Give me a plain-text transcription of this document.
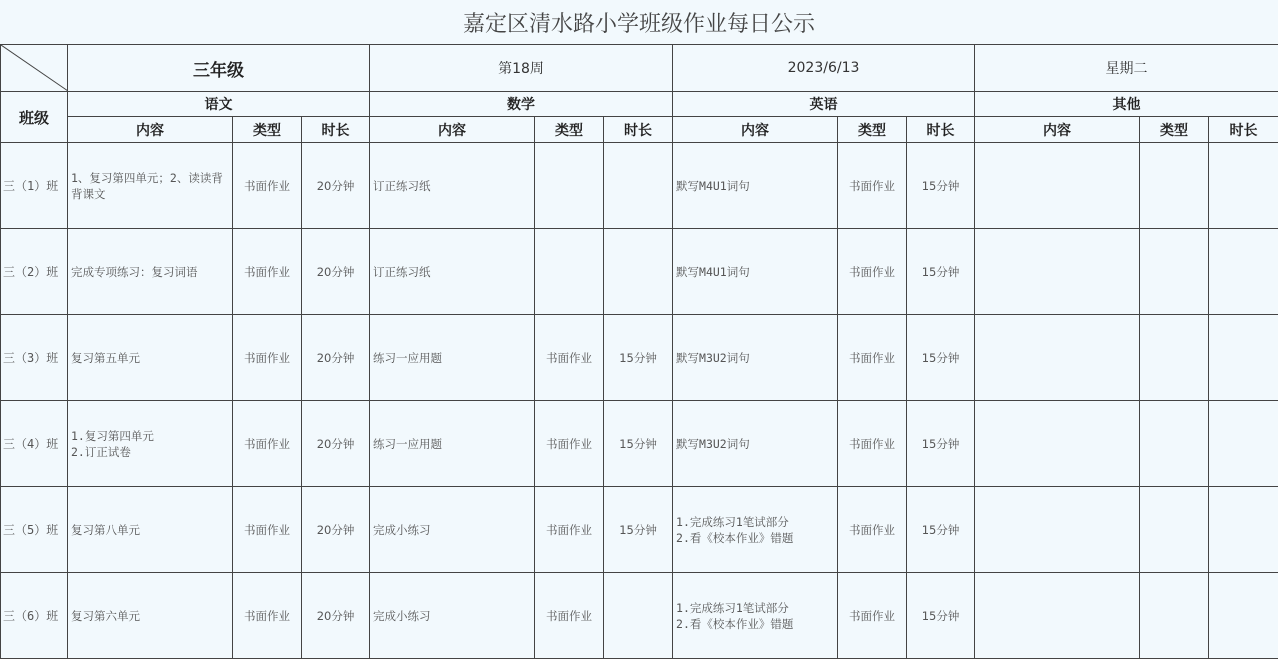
嘉定区清水路小学班级作业每日公示
	三年级			第18周			2023/6/13			星期二		
班级	语文			数学			英语			其他		
	内容	类型	时长	内容	类型	时长	内容	类型	时长	内容	类型	时长
三（1）班	1、复习第四单元；2、读读背背课文	书面作业	20分钟	订正练习纸			默写M4U1词句	书面作业	15分钟			
三（2）班	完成专项练习：复习词语	书面作业	20分钟	订正练习纸			默写M4U1词句	书面作业	15分钟			
三（3）班	复习第五单元	书面作业	20分钟	练习一应用题	书面作业	15分钟	默写M3U2词句	书面作业	15分钟			
三（4）班	1.复习第四单元
2.订正试卷	书面作业	20分钟	练习一应用题	书面作业	15分钟	默写M3U2词句	书面作业	15分钟			
三（5）班	复习第八单元	书面作业	20分钟	完成小练习	书面作业	15分钟	1.完成练习1笔试部分
2.看《校本作业》错题	书面作业	15分钟			
三（6）班	复习第六单元	书面作业	20分钟	完成小练习	书面作业		1.完成练习1笔试部分
2.看《校本作业》错题	书面作业	15分钟			
